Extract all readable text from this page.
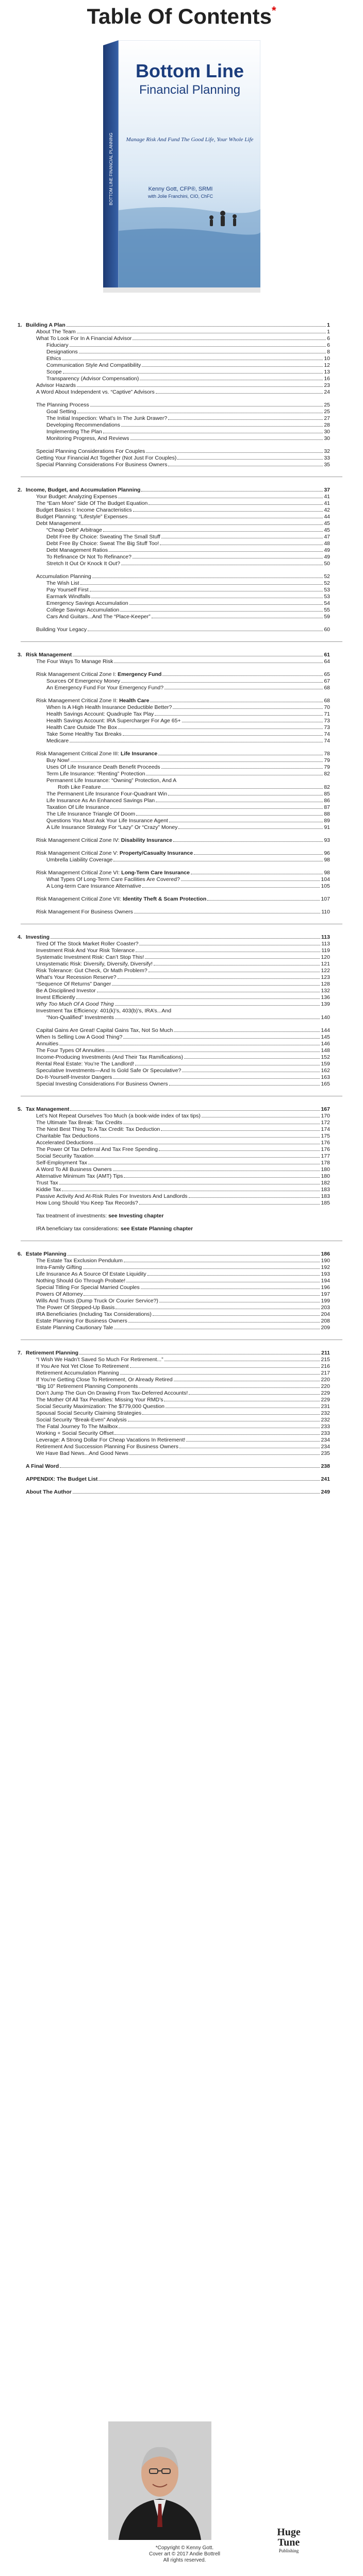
Table Of Contents*
BOTTOM LINE FINANCIAL PLANNING
Bottom Line
Financial Planning
Manage Risk And Fund The Good Life, Your Whole Life
Kenny Gott, CFP®, SRMI
with Jolie Franchini, CIO, ChFC
1. Building A Plan	1
About The Team	1
What To Look For In A Financial Advisor	6
Fiduciary	6
Designations	8
Ethics	10
Communication Style And Compatibility	12
Scope	13
Transparency (Advisor Compensation)	16
Advisor Hazards	23
A Word About Independent vs. “Captive” Advisors	24
The Planning Process	25
Goal Setting	25
The Initial Inspection: What’s In The Junk Drawer?	27
Developing Recommendations	28
Implementing The Plan	30
Monitoring Progress, And Reviews	30
Special Planning Considerations For Couples	32
Getting Your Financial Act Together (Not Just For Couples)	33
Special Planning Considerations For Business Owners	35
2. Income, Budget, and Accumulation Planning	37
Your Budget: Analyzing Expenses	41
The “Earn More” Side Of The Budget Equation	41
Budget Basics I: Income Characteristics	42
Budget Planning: “Lifestyle” Expenses	44
Debt Management	45
“Cheap Debt” Arbitrage	45
Debt Free By Choice: Sweating The Small Stuff	47
Debt Free By Choice: Sweat The Big Stuff Too!	48
Debt Management Ratios	49
To Refinance Or Not To Refinance?	49
Stretch It Out Or Knock It Out?	50
Accumulation Planning	52
The Wish List	52
Pay Yourself First	53
Earmark Windfalls	53
Emergency Savings Accumulation	54
College Savings Accumulation	55
Cars And Guitars...And The “Place-Keeper”	59
Building Your Legacy	60
3. Risk Management	61
The Four Ways To Manage Risk	64
Risk Management Critical Zone I: Emergency Fund	65
Sources Of Emergency Money	67
An Emergency Fund For Your Emergency Fund?	68
Risk Management Critical Zone II: Health Care	68
When Is A High Health Insurance Deductible Better?	70
Health Savings Account: Quadruple Tax Play	71
Health Savings Account: IRA Supercharger For Age 65+	73
Health Care Outside The Box	73
Take Some Healthy Tax Breaks	74
Medicare	74
Risk Management Critical Zone III: Life Insurance	78
Buy Now!	79
Uses Of Life Insurance Death Benefit Proceeds	79
Term Life Insurance: “Renting” Protection	82
Permanent Life Insurance: “Owning” Protection, And A
Roth Like Feature	82
The Permanent Life Insurance Four-Quadrant Win	85
Life Insurance As An Enhanced Savings Plan	86
Taxation Of Life Insurance	87
The Life Insurance Triangle Of Doom	88
Questions You Must Ask Your Life Insurance Agent	89
A Life Insurance Strategy For “Lazy” Or “Crazy” Money	91
Risk Management Critical Zone IV: Disability Insurance	93
Risk Management Critical Zone V: Property/Casualty Insurance	96
Umbrella Liability Coverage	98
Risk Management Critical Zone VI: Long-Term Care Insurance	98
What Types Of Long-Term Care Facilities Are Covered?	104
A Long-term Care Insurance Alternative	105
Risk Management Critical Zone VII: Identity Theft & Scam Protection	107
Risk Management For Business Owners	110
4. Investing	113
Tired Of The Stock Market Roller Coaster?	113
Investment Risk And Your Risk Tolerance	119
Systematic Investment Risk: Can’t Stop This!	120
Unsystematic Risk: Diversify, Diversify, Diversify!	121
Risk Tolerance: Gut Check, Or Math Problem?	122
What’s Your Recession Reserve?	123
“Sequence Of Returns” Danger	128
Be A Disciplined Investor	132
Invest Efficiently	136
Why Too Much Of A Good Thing	139
Investment Tax Efficiency: 401(k)’s, 403(b)’s, IRA’s...And
“Non-Qualified” Investments	140
Capital Gains Are Great! Capital Gains Tax, Not So Much	144
When Is Selling Low A Good Thing?	145
Annuities	146
The Four Types Of Annuities	148
Income-Producing Investments (And Their Tax Ramifications)	152
Rental Real Estate: You’re The Landlord!	159
Speculative Investments—And Is Gold Safe Or Speculative?	162
Do-It-Yourself-Investor Dangers	163
Special Investing Considerations For Business Owners	165
5. Tax Management	167
Let’s Not Repeat Ourselves Too Much (a book-wide index of tax tips)	170
The Ultimate Tax Break: Tax Credits	172
The Next Best Thing To A Tax Credit: Tax Deduction	174
Charitable Tax Deductions	175
Accelerated Deductions	176
The Power Of Tax Deferral And Tax Free Spending	176
Social Security Taxation	177
Self-Employment Tax	178
A Word To All Business Owners	180
Alternative Minimum Tax (AMT) Tips	180
Trust Tax	182
Kiddie Tax	183
Passive Activity And At-Risk Rules For Investors And Landlords	183
How Long Should You Keep Tax Records?	185
Tax treatment of investments: see Investing chapter
IRA beneficiary tax considerations: see Estate Planning chapter
6. Estate Planning	186
The Estate Tax Exclusion Pendulum	190
Intra-Family Gifting	192
Life Insurance As A Source Of Estate Liquidity	193
Nothing Should Go Through Probate!	194
Special Titling For Special Married Couples	196
Powers Of Attorney	197
Wills And Trusts (Dump Truck Or Courier Service?)	199
The Power Of Stepped-Up Basis	203
IRA Beneficiaries (Including Tax Considerations)	204
Estate Planning For Business Owners	208
Estate Planning Cautionary Tale	209
7. Retirement Planning	211
“I Wish We Hadn’t Saved So Much For Retirement...”	215
If You Are Not Yet Close To Retirement	216
Retirement Accumulation Planning	217
If You’re Getting Close To Retirement, Or Already Retired	220
“Big 10” Retirement Planning Components	220
Don’t Jump The Gun On Drawing From Tax-Deferred Accounts!	229
The Mother Of All Tax Penalties: Missing Your RMD’s	229
Social Security Maximization: The $779,000 Question	231
Spousal Social Security Claiming Strategies	232
Social Security “Break-Even” Analysis	232
The Fatal Journey To The Mailbox	233
Working + Social Security Offset	233
Leverage: A Strong Dollar For Cheap Vacations In Retirement!	234
Retirement And Succession Planning For Business Owners	234
We Have Bad News...And Good News	235
A Final Word	238
APPENDIX: The Budget List	241
About The Author	249
*Copyright © Kenny Gott.
Cover art © 2017 Andie Bottrell
All rights reserved.
Huge
Tune
Publishing
